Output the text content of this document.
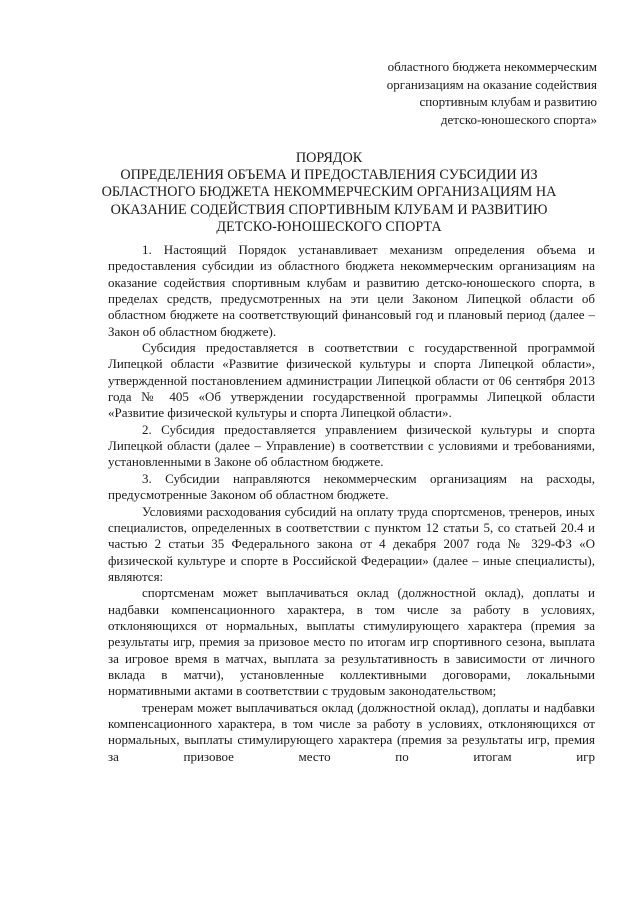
областного бюджета некоммерческим
организациям на оказание содействия
спортивным клубам и развитию
детско-юношеского спорта»
ПОРЯДОК
ОПРЕДЕЛЕНИЯ ОБЪЕМА И ПРЕДОСТАВЛЕНИЯ СУБСИДИИ ИЗ
ОБЛАСТНОГО БЮДЖЕТА НЕКОММЕРЧЕСКИМ ОРГАНИЗАЦИЯМ НА
ОКАЗАНИЕ СОДЕЙСТВИЯ СПОРТИВНЫМ КЛУБАМ И РАЗВИТИЮ
ДЕТСКО-ЮНОШЕСКОГО СПОРТА

1. Настоящий Порядок устанавливает механизм определения объема и предоставления субсидии из областного бюджета некоммерческим организациям на оказание содействия спортивным клубам и развитию детско-юношеского спорта, в пределах средств, предусмотренных на эти цели Законом Липецкой области об областном бюджете на соответствующий финансовый год и плановый период (далее – Закон об областном бюджете).

Субсидия предоставляется в соответствии с государственной программой Липецкой области «Развитие физической культуры и спорта Липецкой области», утвержденной постановлением администрации Липецкой области от 06 сентября 2013 года № 405 «Об утверждении государственной программы Липецкой области «Развитие физической культуры и спорта Липецкой области».

2. Субсидия предоставляется управлением физической культуры и спорта Липецкой области (далее – Управление) в соответствии с условиями и требованиями, установленными в Законе об областном бюджете.

3. Субсидии направляются некоммерческим организациям на расходы, предусмотренные Законом об областном бюджете.

Условиями расходования субсидий на оплату труда спортсменов, тренеров, иных специалистов, определенных в соответствии с пунктом 12 статьи 5, со статьей 20.4 и частью 2 статьи 35 Федерального закона от 4 декабря 2007 года № 329-ФЗ «О физической культуре и спорте в Российской Федерации» (далее – иные специалисты), являются:

спортсменам может выплачиваться оклад (должностной оклад), доплаты и надбавки компенсационного характера, в том числе за работу в условиях, отклоняющихся от нормальных, выплаты стимулирующего характера (премия за результаты игр, премия за призовое место по итогам игр спортивного сезона, выплата за игровое время в матчах, выплата за результативность в зависимости от личного вклада в матчи), установленные коллективными договорами, локальными нормативными актами в соответствии с трудовым законодательством;

тренерам может выплачиваться оклад (должностной оклад), доплаты и надбавки компенсационного характера, в том числе за работу в условиях, отклоняющихся от нормальных, выплаты стимулирующего характера (премия за результаты игр, премия за призовое место по итогам игр
